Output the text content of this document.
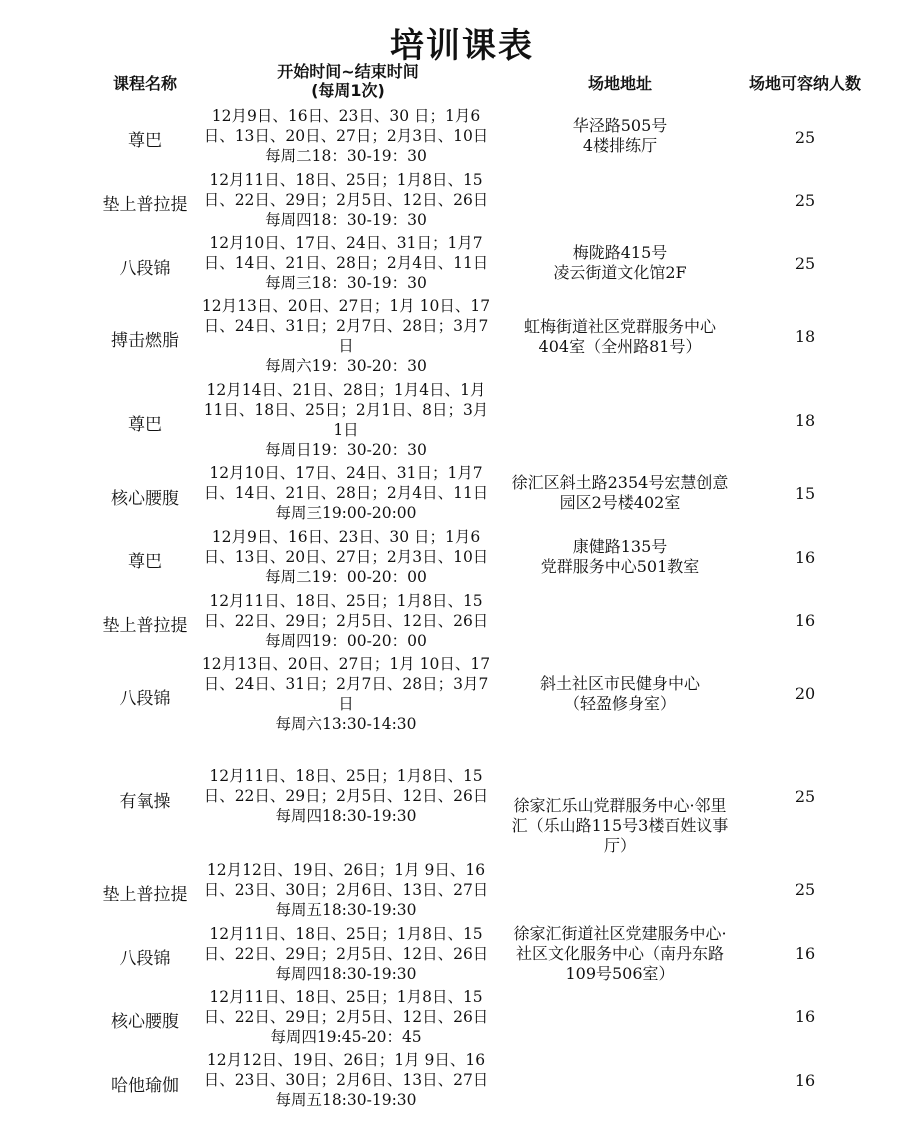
培训课表
课程名称
开始时间~结束时间
(每周1次)	场地地址	场地可容纳人数
尊巴
12月9日、16日、23日、30 日；1月6
日、13日、20日、27日；2月3日、10日
每周二18：30-19：30
25
垫上普拉提
12月11日、18日、25日；1月8日、15
日、22日、29日；2月5日、12日、26日
每周四18：30-19：30
25
八段锦
12月10日、17日、24日、31日；1月7
日、14日、21日、28日；2月4日、11日
每周三18：30-19：30
25
搏击燃脂
12月13日、20日、27日；1月 10日、17
日、24日、31日；2月7日、28日；3月7
日
每周六19：30-20：30
18
尊巴
12月14日、21日、28日；1月4日、1月
11日、18日、25日；2月1日、8日；3月
1日
每周日19：30-20：30
18
核心腰腹
12月10日、17日、24日、31日；1月7
日、14日、21日、28日；2月4日、11日
每周三19:00-20:00
15
尊巴
12月9日、16日、23日、30 日；1月6
日、13日、20日、27日；2月3日、10日
每周二19：00-20：00
16
垫上普拉提
12月11日、18日、25日；1月8日、15
日、22日、29日；2月5日、12日、26日
每周四19：00-20：00
16
八段锦
12月13日、20日、27日；1月 10日、17
日、24日、31日；2月7日、28日；3月7
日
每周六13:30-14:30
20
有氧操
12月11日、18日、25日；1月8日、15
日、22日、29日；2月5日、12日、26日
每周四18:30-19:30
25
垫上普拉提
12月12日、19日、26日；1月 9日、16
日、23日、30日；2月6日、13日、27日
每周五18:30-19:30
25
八段锦
12月11日、18日、25日；1月8日、15
日、22日、29日；2月5日、12日、26日
每周四18:30-19:30
16
核心腰腹
12月11日、18日、25日；1月8日、15
日、22日、29日；2月5日、12日、26日
每周四19:45-20：45
16
哈他瑜伽
12月12日、19日、26日；1月 9日、16
日、23日、30日；2月6日、13日、27日
每周五18:30-19:30
16
华泾路505号
4楼排练厅
梅陇路415号
凌云街道文化馆2F
虹梅街道社区党群服务中心
404室（全州路81号）
徐汇区斜土路2354号宏慧创意
园区2号楼402室
康健路135号
党群服务中心501教室
斜土社区市民健身中心
（轻盈修身室）
徐家汇乐山党群服务中心·邻里
汇（乐山路115号3楼百姓议事
厅）
徐家汇街道社区党建服务中心·
社区文化服务中心（南丹东路
109号506室）
